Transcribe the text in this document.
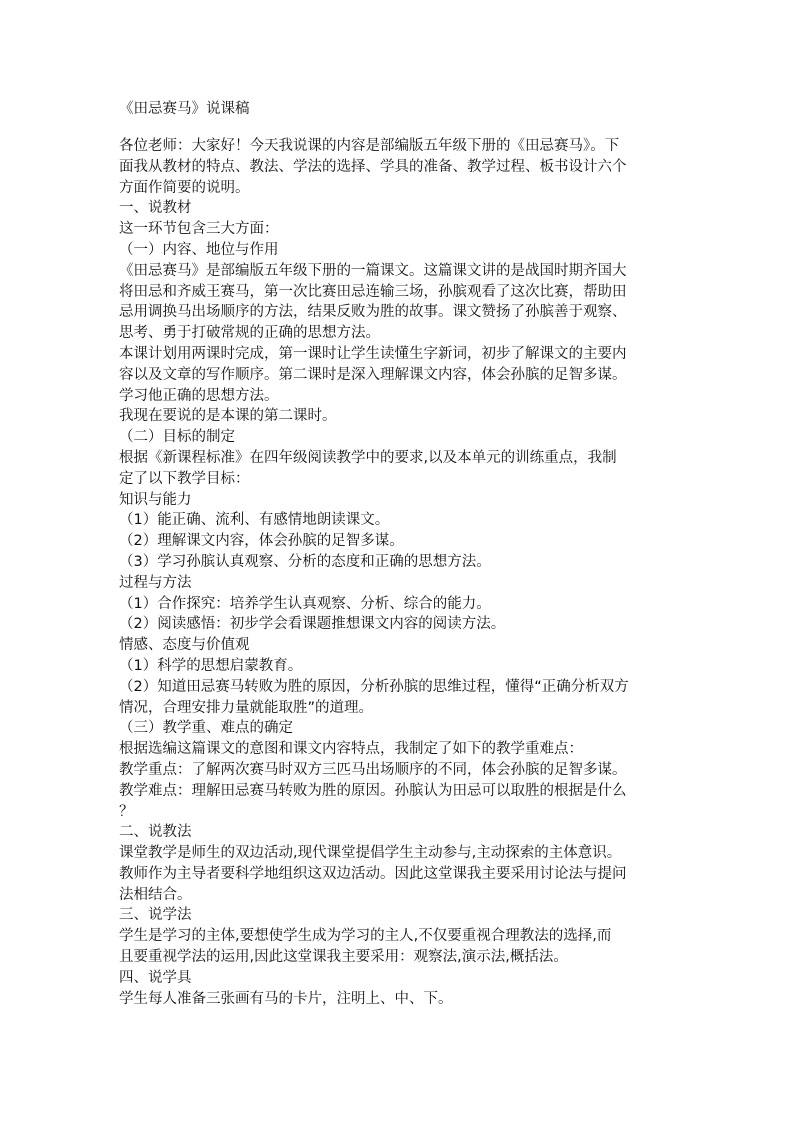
《田忌赛马》说课稿
各位老师：大家好！今天我说课的内容是部编版五年级下册的《田忌赛马》。下
面我从教材的特点、教法、学法的选择、学具的准备、教学过程、板书设计六个
方面作简要的说明。
一、说教材
这一环节包含三大方面：
（一）内容、地位与作用
《田忌赛马》是部编版五年级下册的一篇课文。这篇课文讲的是战国时期齐国大
将田忌和齐威王赛马，第一次比赛田忌连输三场，孙膑观看了这次比赛，帮助田
忌用调换马出场顺序的方法，结果反败为胜的故事。课文赞扬了孙膑善于观察、
思考、勇于打破常规的正确的思想方法。
本课计划用两课时完成，第一课时让学生读懂生字新词，初步了解课文的主要内
容以及文章的写作顺序。第二课时是深入理解课文内容，体会孙膑的足智多谋。
学习他正确的思想方法。
我现在要说的是本课的第二课时。
（二）目标的制定
根据《新课程标准》在四年级阅读教学中的要求,以及本单元的训练重点，我制
定了以下教学目标：
知识与能力
（1）能正确、流利、有感情地朗读课文。
（2）理解课文内容，体会孙膑的足智多谋。
（3）学习孙膑认真观察、分析的态度和正确的思想方法。
过程与方法
（1）合作探究：培养学生认真观察、分析、综合的能力。
（2）阅读感悟：初步学会看课题推想课文内容的阅读方法。
情感、态度与价值观
（1）科学的思想启蒙教育。
（2）知道田忌赛马转败为胜的原因，分析孙膑的思维过程，懂得“正确分析双方
情况，合理安排力量就能取胜”的道理。
（三）教学重、难点的确定
根据选编这篇课文的意图和课文内容特点，我制定了如下的教学重难点：
教学重点：了解两次赛马时双方三匹马出场顺序的不同，体会孙膑的足智多谋。
教学难点：理解田忌赛马转败为胜的原因。孙膑认为田忌可以取胜的根据是什么
？
二、说教法
课堂教学是师生的双边活动,现代课堂提倡学生主动参与,主动探索的主体意识。
教师作为主导者要科学地组织这双边活动。因此这堂课我主要采用讨论法与提问
法相结合。
三、说学法
学生是学习的主体,要想使学生成为学习的主人,不仅要重视合理教法的选择,而
且要重视学法的运用,因此这堂课我主要采用：观察法,演示法,概括法。
四、说学具
学生每人准备三张画有马的卡片，注明上、中、下。
